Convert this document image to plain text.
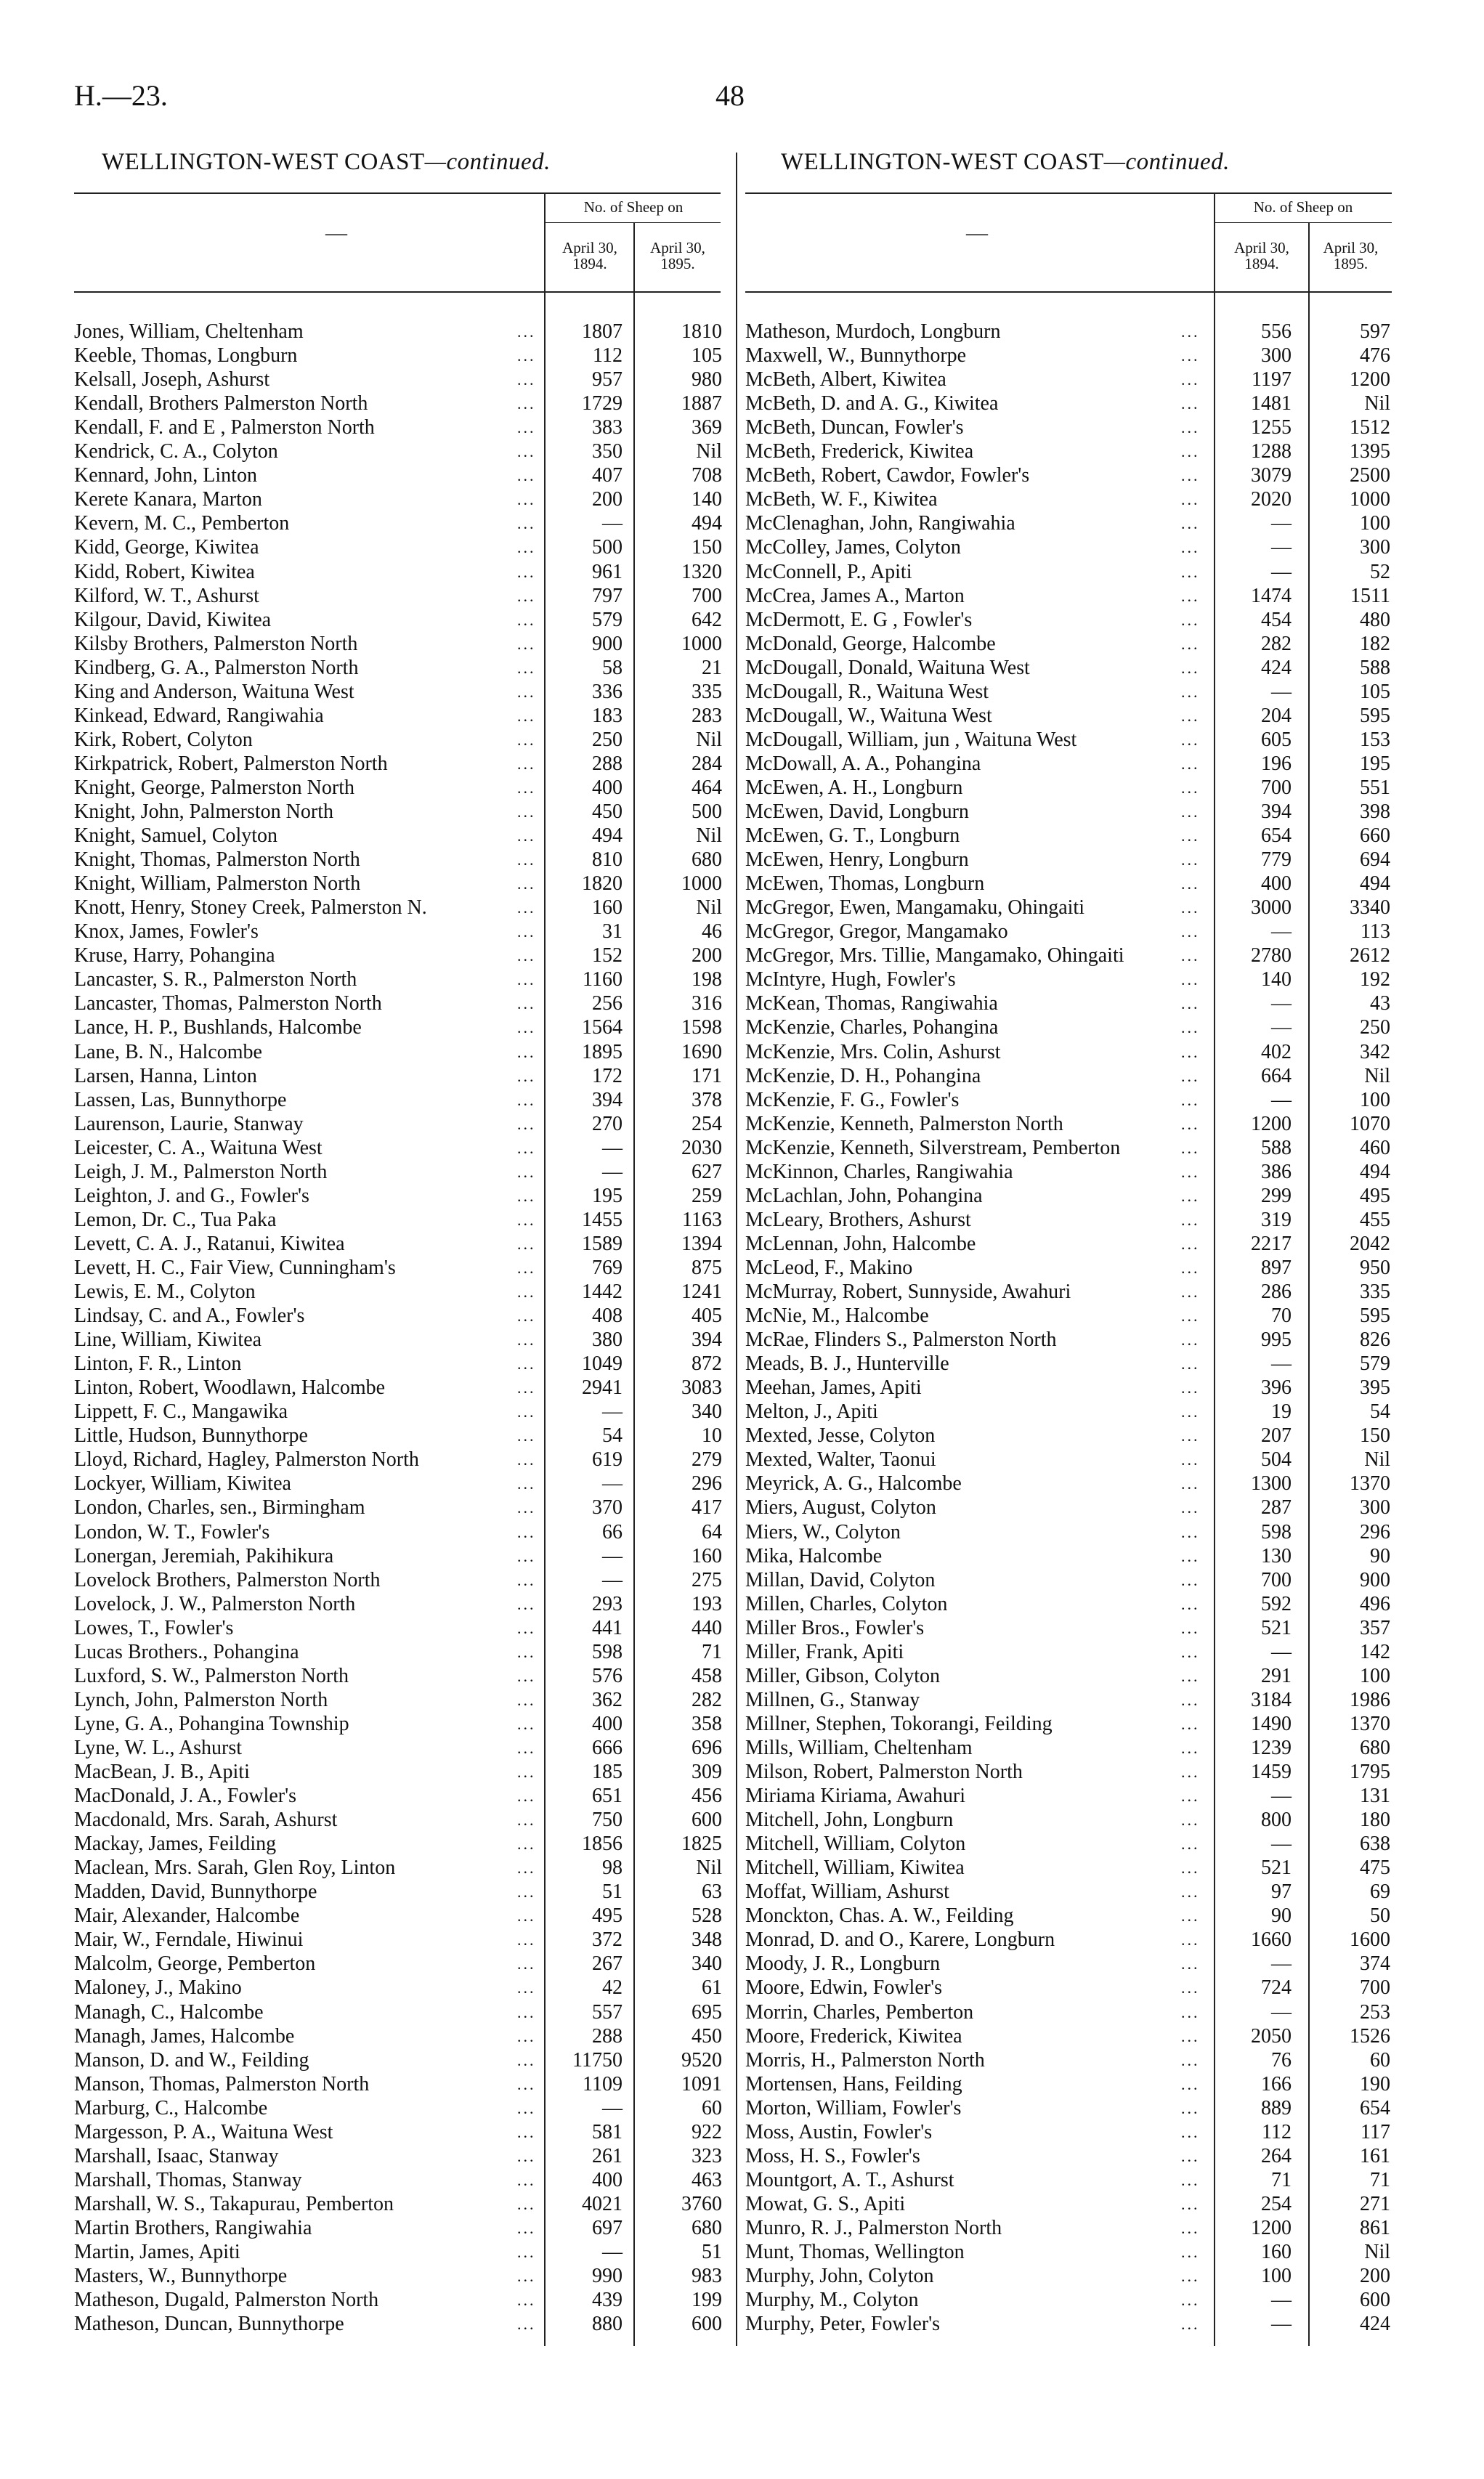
H.—23.	48
WELLINGTON-WEST COAST—continued.	WELLINGTON-WEST COAST—continued.
No. of Sheep on
April 30, 1894.
April 30, 1895.
—
No. of Sheep on
April 30, 1894.
April 30, 1895.
—
...
Jones, William, Cheltenham	1807	1810
...
Keeble, Thomas, Longburn	112	105
...
Kelsall, Joseph, Ashurst	957	980
...
Kendall, Brothers Palmerston North	1729	1887
...
Kendall, F. and E , Palmerston North	383	369
...
Kendrick, C. A., Colyton	350	Nil
...
Kennard, John, Linton	407	708
...
Kerete Kanara, Marton	200	140
...
Kevern, M. C., Pemberton	—	494
...
Kidd, George, Kiwitea	500	150
...
Kidd, Robert, Kiwitea	961	1320
...
Kilford, W. T., Ashurst	797	700
...
Kilgour, David, Kiwitea	579	642
...
Kilsby Brothers, Palmerston North	900	1000
...
Kindberg, G. A., Palmerston North	58	21
...
King and Anderson, Waituna West	336	335
...
Kinkead, Edward, Rangiwahia	183	283
...
Kirk, Robert, Colyton	250	Nil
...
Kirkpatrick, Robert, Palmerston North	288	284
...
Knight, George, Palmerston North	400	464
...
Knight, John, Palmerston North	450	500
...
Knight, Samuel, Colyton	494	Nil
...
Knight, Thomas, Palmerston North	810	680
...
Knight, William, Palmerston North	1820	1000
...
Knott, Henry, Stoney Creek, Palmerston N.	160	Nil
...
Knox, James, Fowler's	31	46
...
Kruse, Harry, Pohangina	152	200
...
Lancaster, S. R., Palmerston North	1160	198
...
Lancaster, Thomas, Palmerston North	256	316
...
Lance, H. P., Bushlands, Halcombe	1564	1598
...
Lane, B. N., Halcombe	1895	1690
...
Larsen, Hanna, Linton	172	171
...
Lassen, Las, Bunnythorpe	394	378
...
Laurenson, Laurie, Stanway	270	254
...
Leicester, C. A., Waituna West	—	2030
...
Leigh, J. M., Palmerston North	—	627
...
Leighton, J. and G., Fowler's	195	259
...
Lemon, Dr. C., Tua Paka	1455	1163
...
Levett, C. A. J., Ratanui, Kiwitea	1589	1394
...
Levett, H. C., Fair View, Cunningham's	769	875
...
Lewis, E. M., Colyton	1442	1241
...
Lindsay, C. and A., Fowler's	408	405
...
Line, William, Kiwitea	380	394
...
Linton, F. R., Linton	1049	872
...
Linton, Robert, Woodlawn, Halcombe	2941	3083
...
Lippett, F. C., Mangawika	—	340
...
Little, Hudson, Bunnythorpe	54	10
...
Lloyd, Richard, Hagley, Palmerston North	619	279
...
Lockyer, William, Kiwitea	—	296
...
London, Charles, sen., Birmingham	370	417
...
London, W. T., Fowler's	66	64
...
Lonergan, Jeremiah, Pakihikura	—	160
...
Lovelock Brothers, Palmerston North	—	275
...
Lovelock, J. W., Palmerston North	293	193
...
Lowes, T., Fowler's	441	440
...
Lucas Brothers., Pohangina	598	71
...
Luxford, S. W., Palmerston North	576	458
...
Lynch, John, Palmerston North	362	282
...
Lyne, G. A., Pohangina Township	400	358
...
Lyne, W. L., Ashurst	666	696
...
MacBean, J. B., Apiti	185	309
...
MacDonald, J. A., Fowler's	651	456
...
Macdonald, Mrs. Sarah, Ashurst	750	600
...
Mackay, James, Feilding	1856	1825
...
Maclean, Mrs. Sarah, Glen Roy, Linton	98	Nil
...
Madden, David, Bunnythorpe	51	63
...
Mair, Alexander, Halcombe	495	528
...
Mair, W., Ferndale, Hiwinui	372	348
...
Malcolm, George, Pemberton	267	340
...
Maloney, J., Makino	42	61
...
Managh, C., Halcombe	557	695
...
Managh, James, Halcombe	288	450
...
Manson, D. and W., Feilding	11750	9520
...
Manson, Thomas, Palmerston North	1109	1091
...
Marburg, C., Halcombe	—	60
...
Margesson, P. A., Waituna West	581	922
...
Marshall, Isaac, Stanway	261	323
...
Marshall, Thomas, Stanway	400	463
...
Marshall, W. S., Takapurau, Pemberton	4021	3760
...
Martin Brothers, Rangiwahia	697	680
...
Martin, James, Apiti	—	51
...
Masters, W., Bunnythorpe	990	983
...
Matheson, Dugald, Palmerston North	439	199
...
Matheson, Duncan, Bunnythorpe	880	600
...
Matheson, Murdoch, Longburn	556	597
...
Maxwell, W., Bunnythorpe	300	476
...
McBeth, Albert, Kiwitea	1197	1200
...
McBeth, D. and A. G., Kiwitea	1481	Nil
...
McBeth, Duncan, Fowler's	1255	1512
...
McBeth, Frederick, Kiwitea	1288	1395
...
McBeth, Robert, Cawdor, Fowler's	3079	2500
...
McBeth, W. F., Kiwitea	2020	1000
...
McClenaghan, John, Rangiwahia	—	100
...
McColley, James, Colyton	—	300
...
McConnell, P., Apiti	—	52
...
McCrea, James A., Marton	1474	1511
...
McDermott, E. G , Fowler's	454	480
...
McDonald, George, Halcombe	282	182
...
McDougall, Donald, Waituna West	424	588
...
McDougall, R., Waituna West	—	105
...
McDougall, W., Waituna West	204	595
...
McDougall, William, jun , Waituna West	605	153
...
McDowall, A. A., Pohangina	196	195
...
McEwen, A. H., Longburn	700	551
...
McEwen, David, Longburn	394	398
...
McEwen, G. T., Longburn	654	660
...
McEwen, Henry, Longburn	779	694
...
McEwen, Thomas, Longburn	400	494
...
McGregor, Ewen, Mangamaku, Ohingaiti	3000	3340
...
McGregor, Gregor, Mangamako	—	113
...
McGregor, Mrs. Tillie, Mangamako, Ohingaiti	2780	2612
...
McIntyre, Hugh, Fowler's	140	192
...
McKean, Thomas, Rangiwahia	—	43
...
McKenzie, Charles, Pohangina	—	250
...
McKenzie, Mrs. Colin, Ashurst	402	342
...
McKenzie, D. H., Pohangina	664	Nil
...
McKenzie, F. G., Fowler's	—	100
...
McKenzie, Kenneth, Palmerston North	1200	1070
...
McKenzie, Kenneth, Silverstream, Pemberton	588	460
...
McKinnon, Charles, Rangiwahia	386	494
...
McLachlan, John, Pohangina	299	495
...
McLeary, Brothers, Ashurst	319	455
...
McLennan, John, Halcombe	2217	2042
...
McLeod, F., Makino	897	950
...
McMurray, Robert, Sunnyside, Awahuri	286	335
...
McNie, M., Halcombe	70	595
...
McRae, Flinders S., Palmerston North	995	826
...
Meads, B. J., Hunterville	—	579
...
Meehan, James, Apiti	396	395
...
Melton, J., Apiti	19	54
...
Mexted, Jesse, Colyton	207	150
...
Mexted, Walter, Taonui	504	Nil
...
Meyrick, A. G., Halcombe	1300	1370
...
Miers, August, Colyton	287	300
...
Miers, W., Colyton	598	296
...
Mika, Halcombe	130	90
...
Millan, David, Colyton	700	900
...
Millen, Charles, Colyton	592	496
...
Miller Bros., Fowler's	521	357
...
Miller, Frank, Apiti	—	142
...
Miller, Gibson, Colyton	291	100
...
Millnen, G., Stanway	3184	1986
...
Millner, Stephen, Tokorangi, Feilding	1490	1370
...
Mills, William, Cheltenham	1239	680
...
Milson, Robert, Palmerston North	1459	1795
...
Miriama Kiriama, Awahuri	—	131
...
Mitchell, John, Longburn	800	180
...
Mitchell, William, Colyton	—	638
...
Mitchell, William, Kiwitea	521	475
...
Moffat, William, Ashurst	97	69
...
Monckton, Chas. A. W., Feilding	90	50
...
Monrad, D. and O., Karere, Longburn	1660	1600
...
Moody, J. R., Longburn	—	374
...
Moore, Edwin, Fowler's	724	700
...
Morrin, Charles, Pemberton	—	253
...
Moore, Frederick, Kiwitea	2050	1526
...
Morris, H., Palmerston North	76	60
...
Mortensen, Hans, Feilding	166	190
...
Morton, William, Fowler's	889	654
...
Moss, Austin, Fowler's	112	117
...
Moss, H. S., Fowler's	264	161
...
Mountgort, A. T., Ashurst	71	71
...
Mowat, G. S., Apiti	254	271
...
Munro, R. J., Palmerston North	1200	861
...
Munt, Thomas, Wellington	160	Nil
...
Murphy, John, Colyton	100	200
...
Murphy, M., Colyton	—	600
...
Murphy, Peter, Fowler's	—	424
